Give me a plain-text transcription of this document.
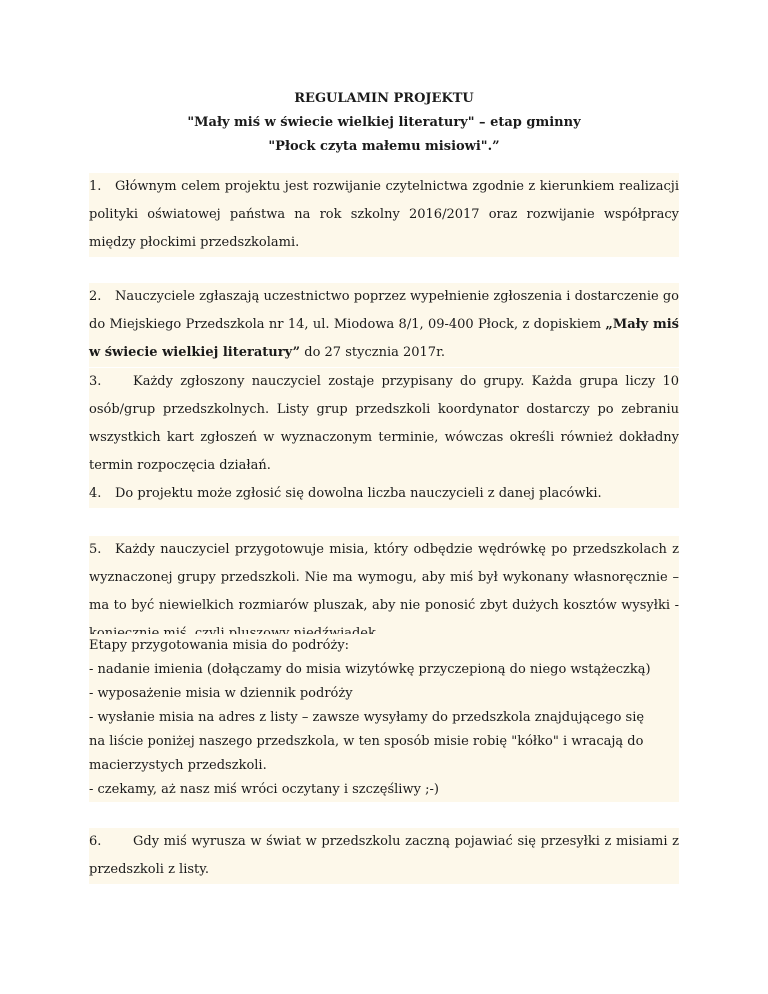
REGULAMIN PROJEKTU
"Mały miś w świecie wielkiej literatury" – etap gminny
"Płock czyta małemu misiowi".”
1. Głównym celem projektu jest rozwijanie czytelnictwa zgodnie z kierunkiem realizacji polityki oświatowej państwa na rok szkolny 2016/2017 oraz rozwijanie współpracy między płockimi przedszkolami.
2. Nauczyciele zgłaszają uczestnictwo poprzez wypełnienie zgłoszenia i dostarczenie go do Miejskiego Przedszkola nr 14, ul. Miodowa 8/1, 09-400 Płock, z dopiskiem „Mały miś w świecie wielkiej literatury” do 27 stycznia 2017r.
3. Każdy zgłoszony nauczyciel zostaje przypisany do grupy. Każda grupa liczy 10 osób/grup przedszkolnych. Listy grup przedszkoli koordynator dostarczy po zebraniu wszystkich kart zgłoszeń w wyznaczonym terminie, wówczas określi również dokładny termin rozpoczęcia działań.
4. Do projektu może zgłosić się dowolna liczba nauczycieli z danej placówki.
5. Każdy nauczyciel przygotowuje misia, który odbędzie wędrówkę po przedszkolach z wyznaczonej grupy przedszkoli. Nie ma wymogu, aby miś był wykonany własnoręcznie – ma to być niewielkich rozmiarów pluszak, aby nie ponosić zbyt dużych kosztów wysyłki -
Etapy przygotowania misia do podróży:
- nadanie imienia (dołączamy do misia wizytówkę przyczepioną do niego wstążeczką)
- wyposażenie misia w dziennik podróży
- wysłanie misia na adres z listy – zawsze wysyłamy do przedszkola znajdującego się
na liście poniżej naszego przedszkola, w ten sposób misie robię "kółko" i wracają do
macierzystych przedszkoli.
- czekamy, aż nasz miś wróci oczytany i szczęśliwy ;-)
6. Gdy miś wyrusza w świat w przedszkolu zaczną pojawiać się przesyłki z misiami z przedszkoli z listy.
